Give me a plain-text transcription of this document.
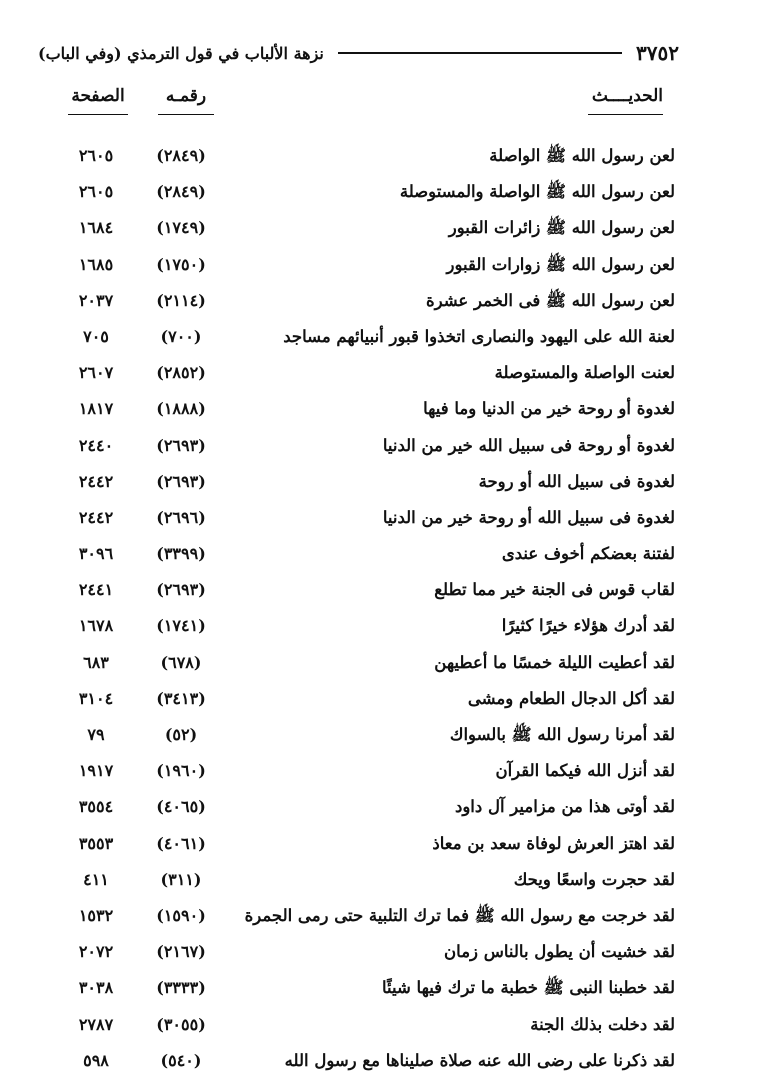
٣٧٥٢
نزهة الألباب في قول الترمذي (وفي الباب)
الحديــــث
رقمـه
الصفحة
لعن رسول الله ﷺ الواصلة
(٢٨٤٩)
٢٦٠٥
لعن رسول الله ﷺ الواصلة والمستوصلة
(٢٨٤٩)
٢٦٠٥
لعن رسول الله ﷺ زائرات القبور
(١٧٤٩)
١٦٨٤
لعن رسول الله ﷺ زوارات القبور
(١٧٥٠)
١٦٨٥
لعن رسول الله ﷺ فى الخمر عشرة
(٢١١٤)
٢٠٣٧
لعنة الله على اليهود والنصارى اتخذوا قبور أنبيائهم مساجد
(٧٠٠)
٧٠٥
لعنت الواصلة والمستوصلة
(٢٨٥٢)
٢٦٠٧
لغدوة أو روحة خير من الدنيا وما فيها
(١٨٨٨)
١٨١٧
لغدوة أو روحة فى سبيل الله خير من الدنيا
(٢٦٩٣)
٢٤٤٠
لغدوة فى سبيل الله أو روحة
(٢٦٩٣)
٢٤٤٢
لغدوة فى سبيل الله أو روحة خير من الدنيا
(٢٦٩٦)
٢٤٤٢
لفتنة بعضكم أخوف عندى
(٣٣٩٩)
٣٠٩٦
لقاب قوس فى الجنة خير مما تطلع
(٢٦٩٣)
٢٤٤١
لقد أدرك هؤلاء خيرًا كثيرًا
(١٧٤١)
١٦٧٨
لقد أعطيت الليلة خمسًا ما أعطيهن
(٦٧٨)
٦٨٣
لقد أكل الدجال الطعام ومشى
(٣٤١٣)
٣١٠٤
لقد أمرنا رسول الله ﷺ بالسواك
(٥٢)
٧٩
لقد أنزل الله فيكما القرآن
(١٩٦٠)
١٩١٧
لقد أوتى هذا من مزامير آل داود
(٤٠٦٥)
٣٥٥٤
لقد اهتز العرش لوفاة سعد بن معاذ
(٤٠٦١)
٣٥٥٣
لقد حجرت واسعًا ويحك
(٣١١)
٤١١
لقد خرجت مع رسول الله ﷺ فما ترك التلبية حتى رمى الجمرة
(١٥٩٠)
١٥٣٢
لقد خشيت أن يطول بالناس زمان
(٢١٦٧)
٢٠٧٢
لقد خطبنا النبى ﷺ خطبة ما ترك فيها شيئًا
(٣٣٣٣)
٣٠٣٨
لقد دخلت بذلك الجنة
(٣٠٥٥)
٢٧٨٧
لقد ذكرنا على رضى الله عنه صلاة صليناها مع رسول الله
(٥٤٠)
٥٩٨
